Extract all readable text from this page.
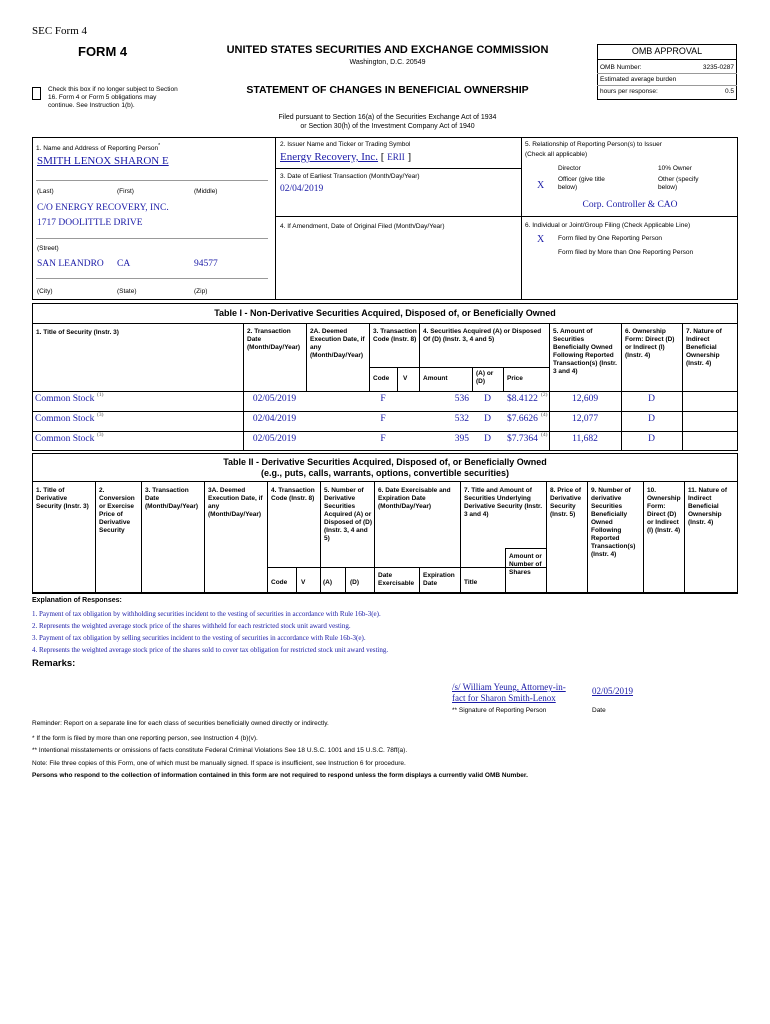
SEC Form 4
FORM 4	UNITED STATES SECURITIES AND EXCHANGE COMMISSION
Washington, D.C. 20549
STATEMENT OF CHANGES IN BENEFICIAL OWNERSHIP
Check this box if no longer subject to Section 16. Form 4 or Form 5 obligations may continue. See Instruction 1(b).
OMB APPROVAL
OMB Number:	3235-0287
Estimated average burden
hours per response:	0.5
Filed pursuant to Section 16(a) of the Securities Exchange Act of 1934
or Section 30(h) of the Investment Company Act of 1940
1. Name and Address of Reporting Person*
SMITH LENOX SHARON E
(Last)	(First)	(Middle)
C/O ENERGY RECOVERY, INC.
1717 DOOLITTLE DRIVE
(Street)
SAN LEANDRO CA	94577
(City)	(State)	(Zip)
2. Issuer Name and Ticker or Trading Symbol
Energy Recovery, Inc. [ ERII ]
3. Date of Earliest Transaction (Month/Day/Year)
02/04/2019
4. If Amendment, Date of Original Filed (Month/Day/Year)
5. Relationship of Reporting Person(s) to Issuer
(Check all applicable)
Director	10% Owner
X
Officer (give title below)
Other (specify below)
Corp. Controller & CAO
6. Individual or Joint/Group Filing (Check Applicable Line)
X Form filed by One Reporting Person
Form filed by More than One Reporting Person
Table I - Non-Derivative Securities Acquired, Disposed of, or Beneficially Owned
1. Title of Security (Instr. 3)	2. Transaction Date (Month/Day/Year)
2A. Deemed Execution Date, if any (Month/Day/Year)
3. Transaction Code (Instr. 8)
4. Securities Acquired (A) or Disposed Of (D) (Instr. 3, 4 and 5)
5. Amount of Securities Beneficially Owned Following Reported Transaction(s) (Instr. 3 and 4)
6. Ownership Form: Direct (D) or Indirect (I) (Instr. 4)
7. Nature of Indirect Beneficial Ownership (Instr. 4)
Code V Amount
(A) or (D)	Price
Common Stock (1)	02/05/2019	F	536	D	$8.4122 (2)	12,609	D
Common Stock (3)	02/04/2019	F	532	D	$7.6626 (4)	12,077	D
Common Stock (3)	02/05/2019	F	395	D	$7.7364 (4)	11,682	D
Table II - Derivative Securities Acquired, Disposed of, or Beneficially Owned
(e.g., puts, calls, warrants, options, convertible securities)
1. Title of Derivative Security (Instr. 3)
2. Conversion or Exercise Price of Derivative Security
3. Transaction Date (Month/Day/Year)
3A. Deemed Execution Date, if any (Month/Day/Year)
4. Transaction Code (Instr. 8)
5. Number of Derivative Securities Acquired (A) or Disposed of (D) (Instr. 3, 4 and 5)
6. Date Exercisable and Expiration Date (Month/Day/Year)
7. Title and Amount of Securities Underlying Derivative Security (Instr. 3 and 4)
8. Price of Derivative Security (Instr. 5)
9. Number of derivative Securities Beneficially Owned Following Reported Transaction(s) (Instr. 4)
10. Ownership Form: Direct (D) or Indirect (I) (Instr. 4)
11. Nature of Indirect Beneficial Ownership (Instr. 4)
Code V	(A)	(D)
Date Exercisable
Expiration Date	Title
Amount or Number of Shares
Explanation of Responses:
1. Payment of tax obligation by withholding securities incident to the vesting of securities in accordance with Rule 16b-3(e).
2. Represents the weighted average stock price of the shares withheld for each restricted stock unit award vesting.
3. Payment of tax obligation by selling securities incident to the vesting of securities in accordance with Rule 16b-3(e).
4. Represents the weighted average stock price of the shares sold to cover tax obligation for restricted stock unit award vesting.
Remarks:
/s/ William Yeung, Attorney-in-
fact for Sharon Smith-Lenox
02/05/2019
** Signature of Reporting Person	Date
Reminder: Report on a separate line for each class of securities beneficially owned directly or indirectly.
* If the form is filed by more than one reporting person, see Instruction 4 (b)(v).
** Intentional misstatements or omissions of facts constitute Federal Criminal Violations See 18 U.S.C. 1001 and 15 U.S.C. 78ff(a).
Note: File three copies of this Form, one of which must be manually signed. If space is insufficient, see Instruction 6 for procedure.
Persons who respond to the collection of information contained in this form are not required to respond unless the form displays a currently valid OMB Number.
